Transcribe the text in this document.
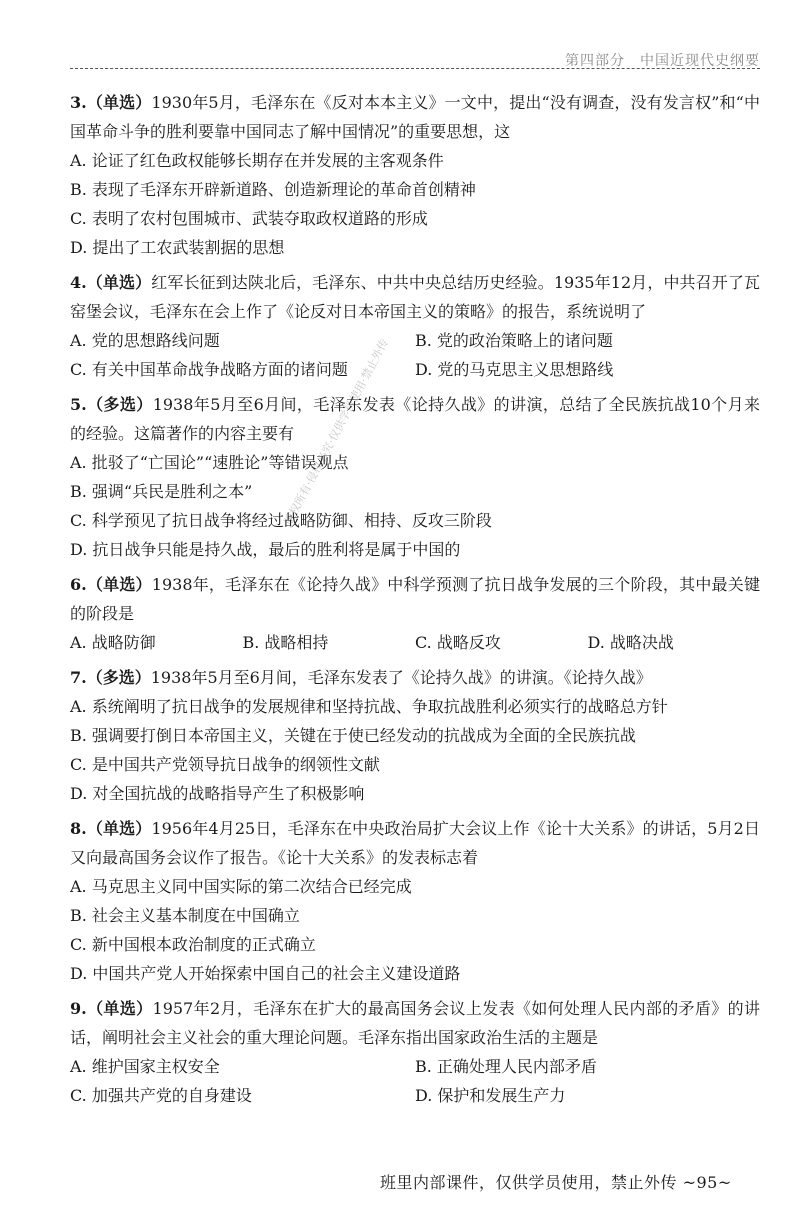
第四部分　中国近现代史纲要
版权所有·侵权必究·仅供学员使用·禁止外传

3.（单选）1930年5月，毛泽东在《反对本本主义》一文中，提出“没有调查，没有发言权”和“中国革命斗争的胜利要靠中国同志了解中国情况”的重要思想，这

A. 论证了红色政权能够长期存在并发展的主客观条件

B. 表现了毛泽东开辟新道路、创造新理论的革命首创精神

C. 表明了农村包围城市、武装夺取政权道路的形成

D. 提出了工农武装割据的思想

4.（单选）红军长征到达陕北后，毛泽东、中共中央总结历史经验。1935年12月，中共召开了瓦窑堡会议，毛泽东在会上作了《论反对日本帝国主义的策略》的报告，系统说明了

A. 党的思想路线问题	B. 党的政治策略上的诸问题

C. 有关中国革命战争战略方面的诸问题	D. 党的马克思主义思想路线

5.（多选）1938年5月至6月间，毛泽东发表《论持久战》的讲演，总结了全民族抗战10个月来的经验。这篇著作的内容主要有

A. 批驳了“亡国论”“速胜论”等错误观点

B. 强调“兵民是胜利之本”

C. 科学预见了抗日战争将经过战略防御、相持、反攻三阶段

D. 抗日战争只能是持久战，最后的胜利将是属于中国的

6.（单选）1938年，毛泽东在《论持久战》中科学预测了抗日战争发展的三个阶段，其中最关键的阶段是

A. 战略防御	B. 战略相持	C. 战略反攻	D. 战略决战

7.（多选）1938年5月至6月间，毛泽东发表了《论持久战》的讲演。《论持久战》

A. 系统阐明了抗日战争的发展规律和坚持抗战、争取抗战胜利必须实行的战略总方针

B. 强调要打倒日本帝国主义，关键在于使已经发动的抗战成为全面的全民族抗战

C. 是中国共产党领导抗日战争的纲领性文献

D. 对全国抗战的战略指导产生了积极影响

8.（单选）1956年4月25日，毛泽东在中央政治局扩大会议上作《论十大关系》的讲话，5月2日又向最高国务会议作了报告。《论十大关系》的发表标志着

A. 马克思主义同中国实际的第二次结合已经完成

B. 社会主义基本制度在中国确立

C. 新中国根本政治制度的正式确立

D. 中国共产党人开始探索中国自己的社会主义建设道路

9.（单选）1957年2月，毛泽东在扩大的最高国务会议上发表《如何处理人民内部的矛盾》的讲话，阐明社会主义社会的重大理论问题。毛泽东指出国家政治生活的主题是

A. 维护国家主权安全	B. 正确处理人民内部矛盾

C. 加强共产党的自身建设	D. 保护和发展生产力

班里内部课件，仅供学员使用，禁止外传 ~95~
